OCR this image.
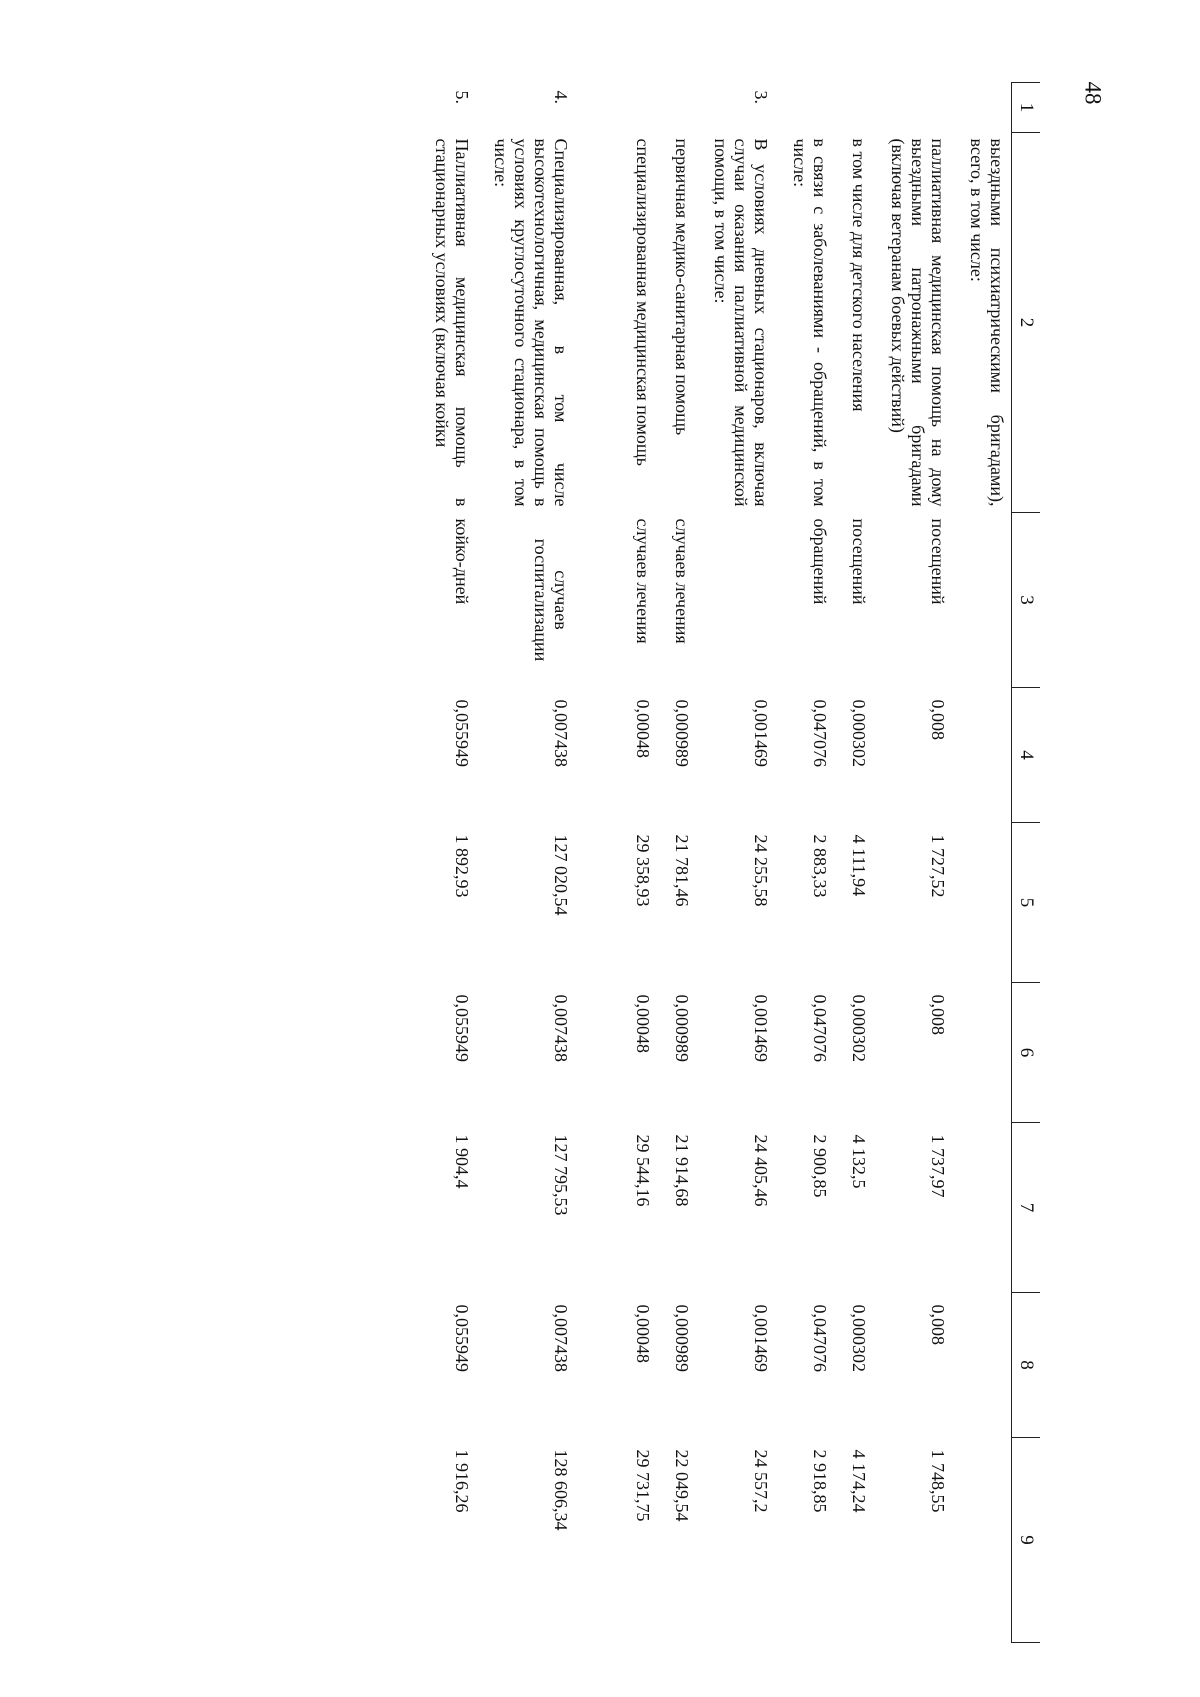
48
1	2	3	4	5	6	7	8	9
	выездными психиатрическими бригадами), всего, в том числе:							
	паллиативная медицинская помощь на дому выездными патронажными бригадами (включая ветеранам боевых действий)	посещений	0,008	1 727,52	0,008	1 737,97	0,008	1 748,55
	в том числе для детского населения	посещений	0,000302	4 111,94	0,000302	4 132,5	0,000302	4 174,24
	в связи с заболеваниями - обращений, в том числе:	обращений	0,047076	2 883,33	0,047076	2 900,85	0,047076	2 918,85
3.	В условиях дневных стационаров, включая случаи оказания паллиативной медицинской помощи, в том числе:		0,001469	24 255,58	0,001469	24 405,46	0,001469	24 557,2
	первичная медико-санитарная помощь	случаев лечения	0,000989	21 781,46	0,000989	21 914,68	0,000989	22 049,54
	специализированная медицинская помощь	случаев лечения	0,00048	29 358,93	0,00048	29 544,16	0,00048	29 731,75
4.	Специализированная, в том числе высокотехнологичная, медицинская помощь в условиях круглосуточного стационара, в том числе:	случаев госпитализации	0,007438	127 020,54	0,007438	127 795,53	0,007438	128 606,34
5.	Паллиативная медицинская помощь в стационарных условиях (включая койки	койко-дней	0,055949	1 892,93	0,055949	1 904,4	0,055949	1 916,26
